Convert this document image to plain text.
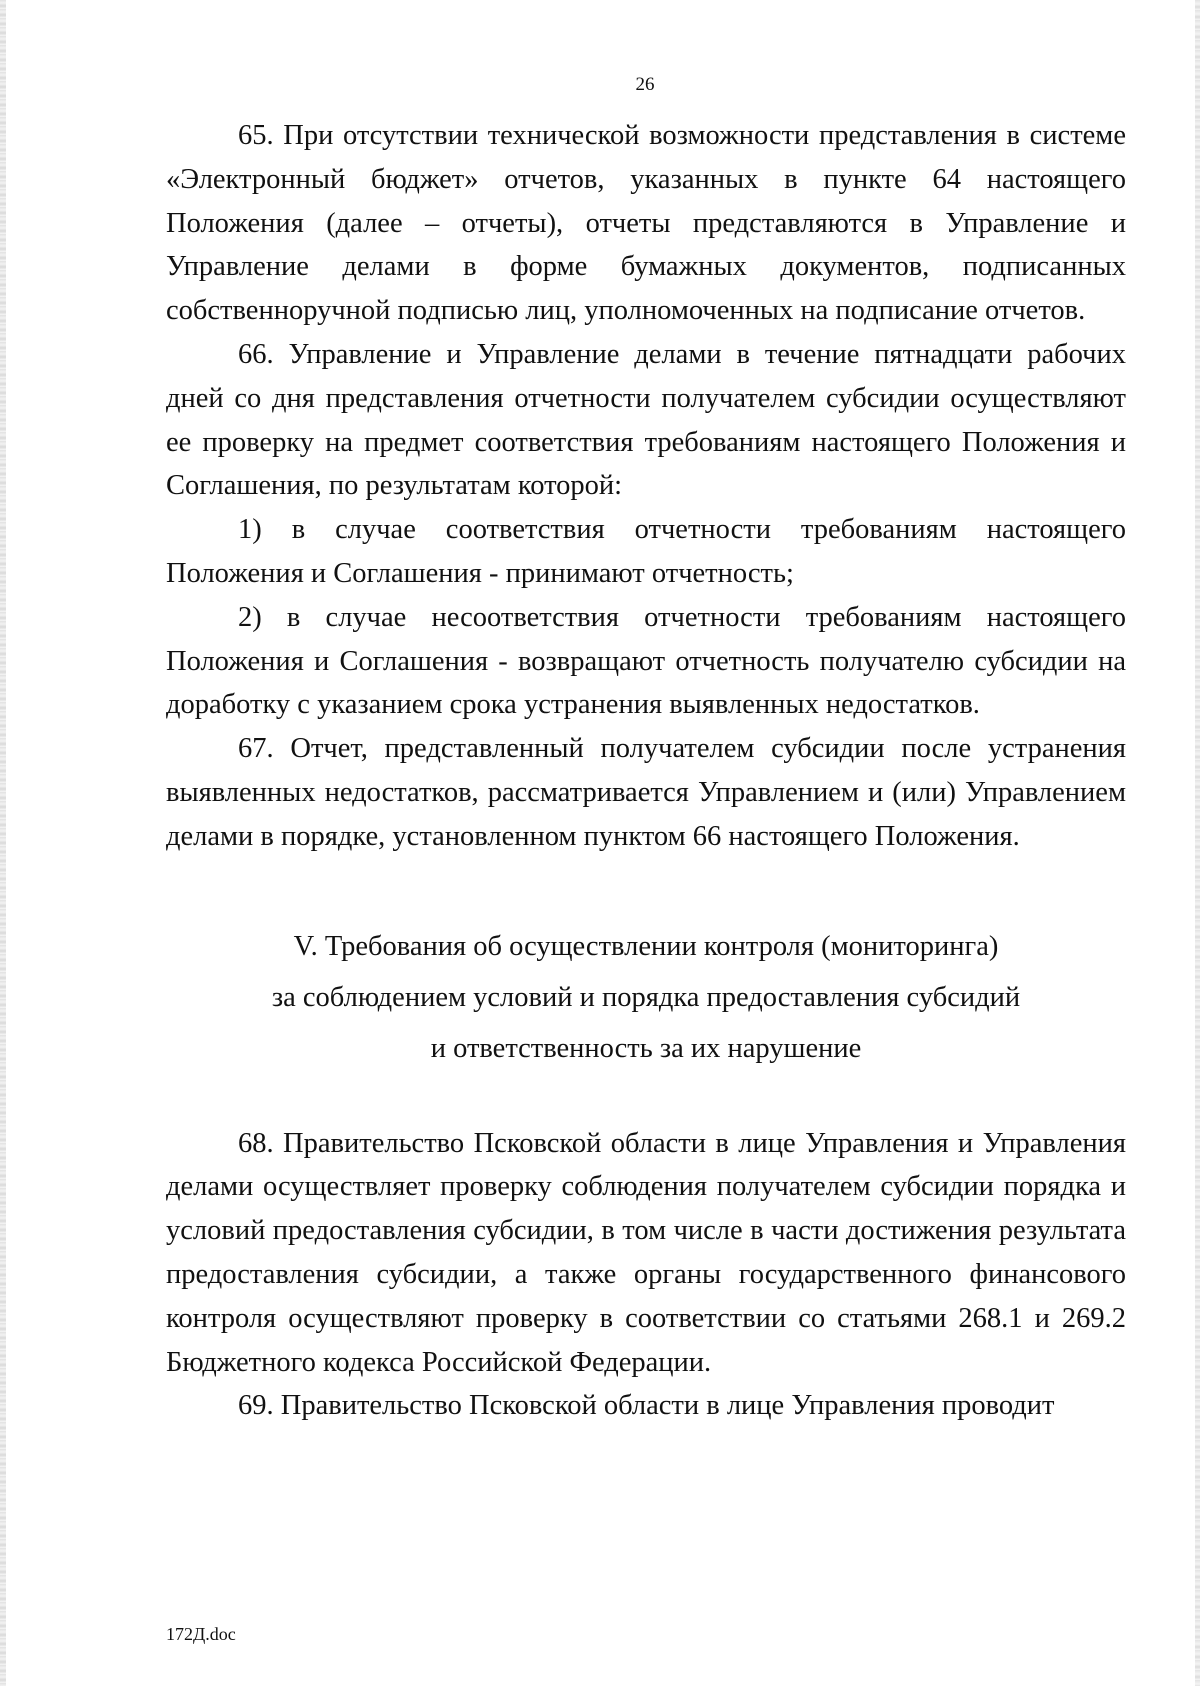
26

65. При отсутствии технической возможности представления в системе «Электронный бюджет» отчетов, указанных в пункте 64 настоящего Положения (далее – отчеты), отчеты представляются в Управление и Управление делами в форме бумажных документов, подписанных собственноручной подписью лиц, уполномоченных на подписание отчетов.

66. Управление и Управление делами в течение пятнадцати рабочих дней со дня представления отчетности получателем субсидии осуществляют ее проверку на предмет соответствия требованиям настоящего Положения и Соглашения, по результатам которой:

1) в случае соответствия отчетности требованиям настоящего Положения и Соглашения - принимают отчетность;

2) в случае несоответствия отчетности требованиям настоящего Положения и Соглашения - возвращают отчетность получателю субсидии на доработку с указанием срока устранения выявленных недостатков.

67. Отчет, представленный получателем субсидии после устранения выявленных недостатков, рассматривается Управлением и (или) Управлением делами в порядке, установленном пунктом 66 настоящего Положения.

V. Требования об осуществлении контроля (мониторинга)
за соблюдением условий и порядка предоставления субсидий
и ответственность за их нарушение

68. Правительство Псковской области в лице Управления и Управления делами осуществляет проверку соблюдения получателем субсидии порядка и условий предоставления субсидии, в том числе в части достижения результата предоставления субсидии, а также органы государственного финансового контроля осуществляют проверку в соответствии со статьями 268.1 и 269.2 Бюджетного кодекса Российской Федерации.

69. Правительство Псковской области в лице Управления проводит

172Д.doc
